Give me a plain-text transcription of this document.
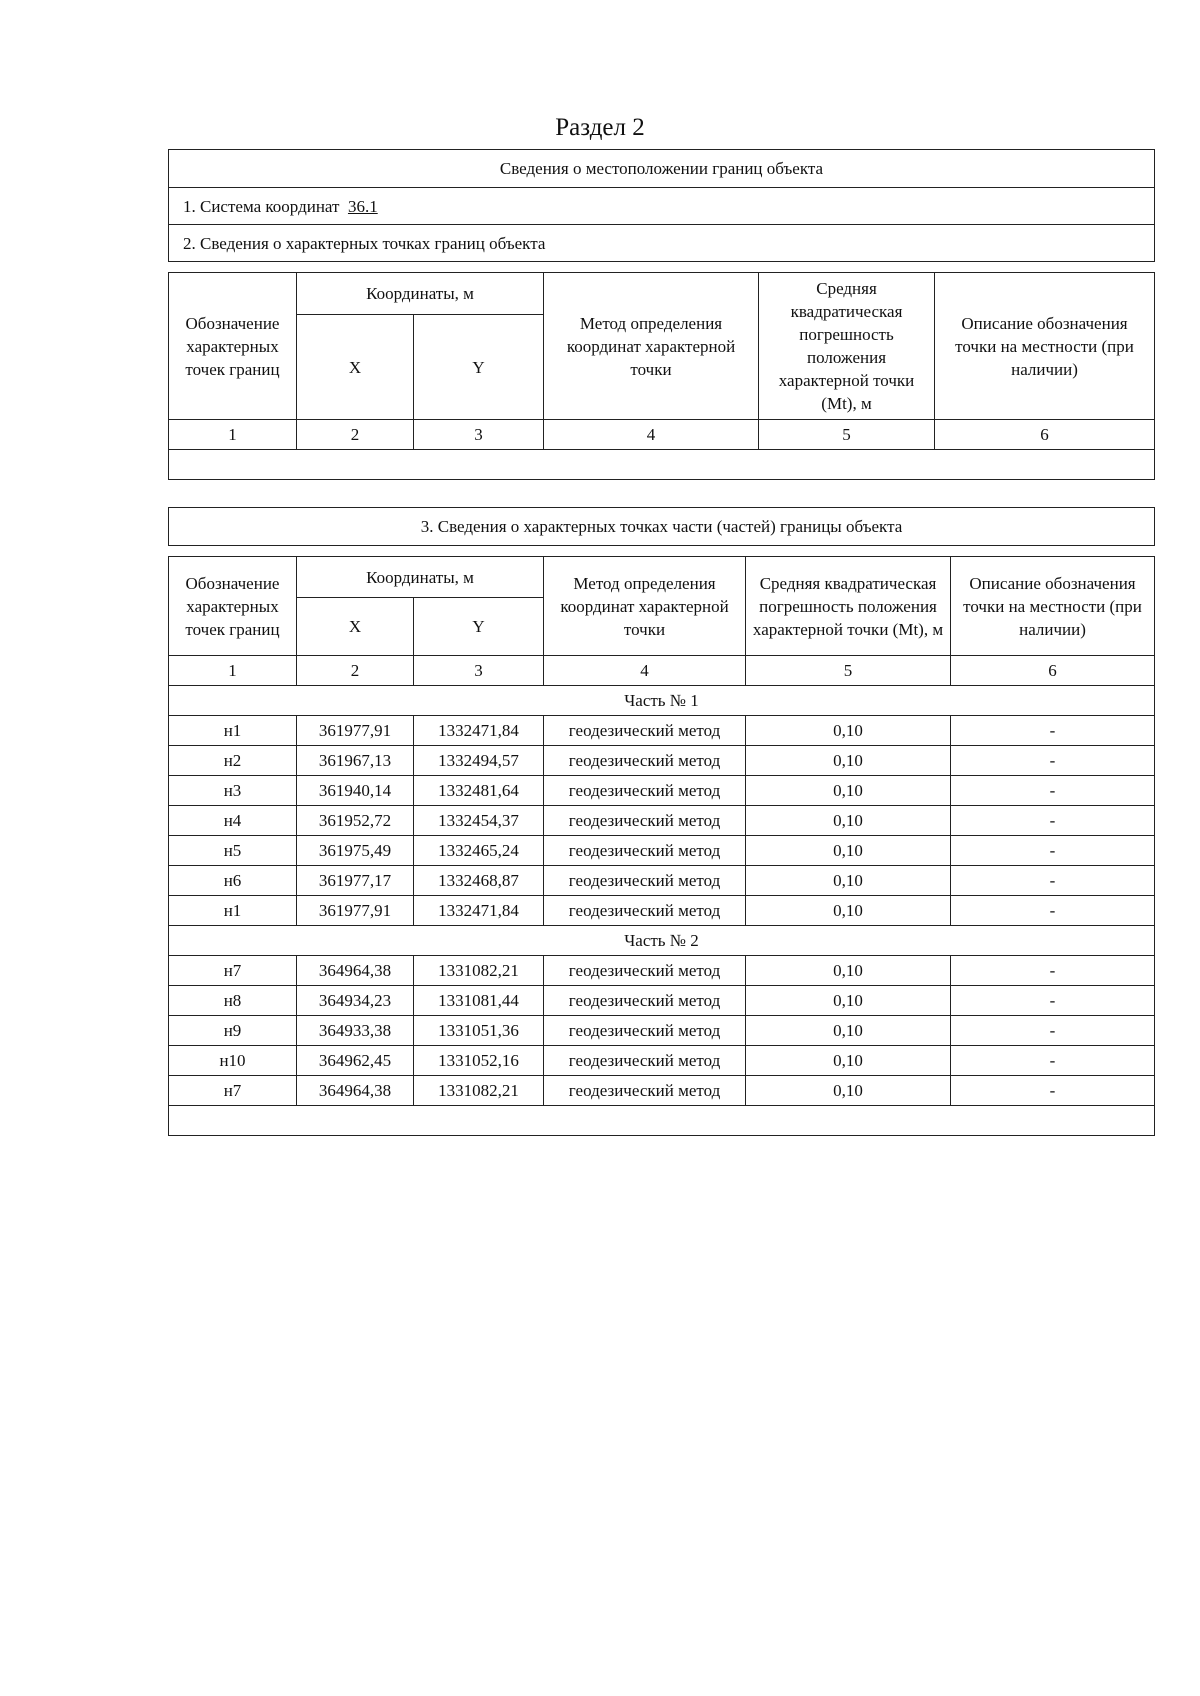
Раздел 2
Сведения о местоположении границ объекта
1. Система координат 36.1
2. Сведения о характерных точках границ объекта
Обозначение характерных точек границ	Координаты, м		Метод определения координат характерной точки	Средняя квадратическая погрешность положения характерной точки (Mt), м	Описание обозначения точки на местности (при наличии)
	X	Y			
1	2	3	4	5	6

3. Сведения о характерных точках части (частей) границы объекта
Обозначение характерных точек границ	Координаты, м		Метод определения координат характерной точки	Средняя квадратическая погрешность положения характерной точки (Mt), м	Описание обозначения точки на местности (при наличии)
	X	Y			
1	2	3	4	5	6
Часть № 1					
н1	361977,91	1332471,84	геодезический метод	0,10	-
н2	361967,13	1332494,57	геодезический метод	0,10	-
н3	361940,14	1332481,64	геодезический метод	0,10	-
н4	361952,72	1332454,37	геодезический метод	0,10	-
н5	361975,49	1332465,24	геодезический метод	0,10	-
н6	361977,17	1332468,87	геодезический метод	0,10	-
н1	361977,91	1332471,84	геодезический метод	0,10	-
Часть № 2					
н7	364964,38	1331082,21	геодезический метод	0,10	-
н8	364934,23	1331081,44	геодезический метод	0,10	-
н9	364933,38	1331051,36	геодезический метод	0,10	-
н10	364962,45	1331052,16	геодезический метод	0,10	-
н7	364964,38	1331082,21	геодезический метод	0,10	-
